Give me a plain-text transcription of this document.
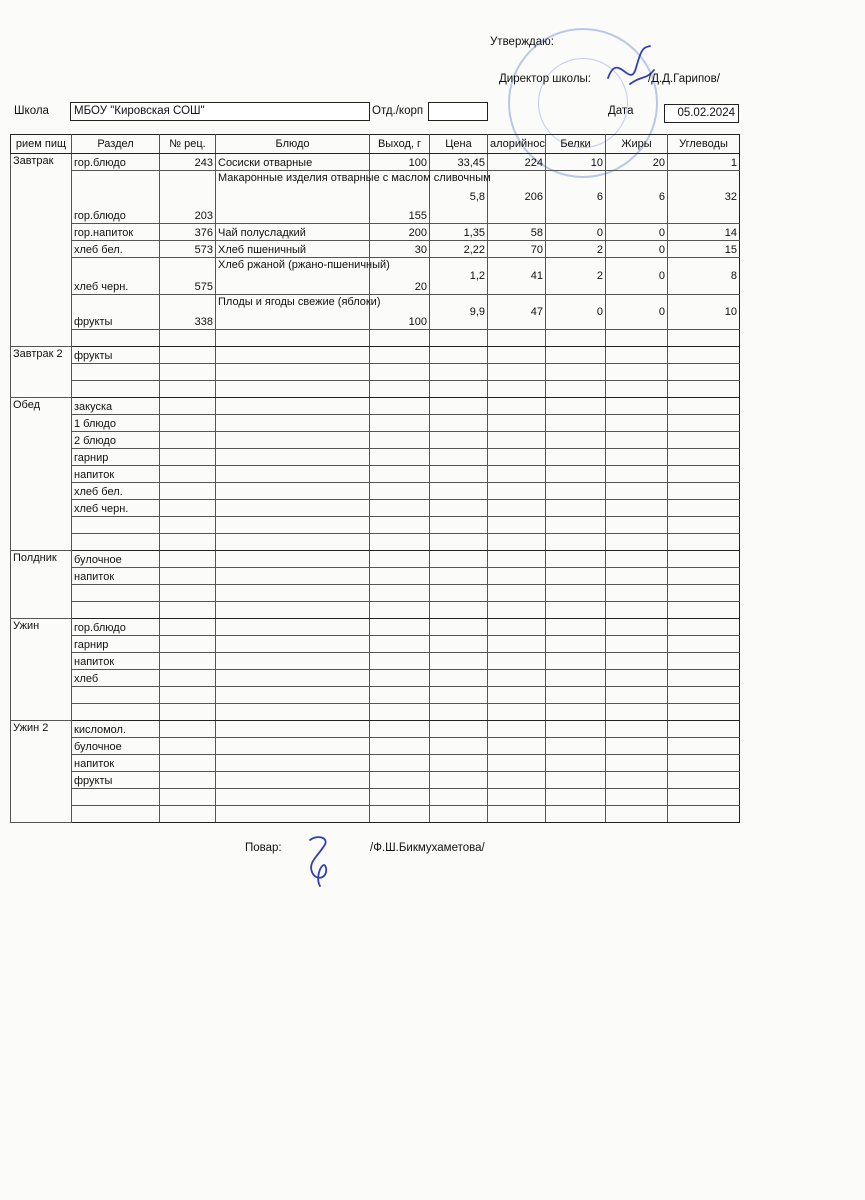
Утверждаю:
Директор школы:	/Д.Д.Гарипов/
Школа	МБОУ "Кировская СОШ"	Отд./корп	Дата	05.02.2024
рием пищ	Раздел	№ рец.	Блюдо	Выход, г	Цена	алорийнос	Белки	Жиры	Углеводы
Завтрак	гор.блюдо	243	Сосиски отварные	100	33,45	224	10	20	1
	гор.блюдо	203	Макаронные изделия отварные с маслом сливочным	155	5,8	206	6	6	32
	гор.напиток	376	Чай полусладкий	200	1,35	58	0	0	14
	хлеб бел.	573	Хлеб пшеничный	30	2,22	70	2	0	15
	хлеб черн.	575	Хлеб ржаной (ржано-пшеничный)	20	1,2	41	2	0	8
	фрукты	338	Плоды и ягоды свежие (яблоки)	100	9,9	47	0	0	10

Завтрак 2	фрукты								

Обед	закуска								
	1 блюдо								
	2 блюдо								
	гарнир								
	напиток								
	хлеб бел.								
	хлеб черн.								

Полдник	булочное								
	напиток								

Ужин	гор.блюдо								
	гарнир								
	напиток								
	хлеб								

Ужин 2	кисломол.								
	булочное								
	напиток								
	фрукты								

Повар:	/Ф.Ш.Бикмухаметова/
